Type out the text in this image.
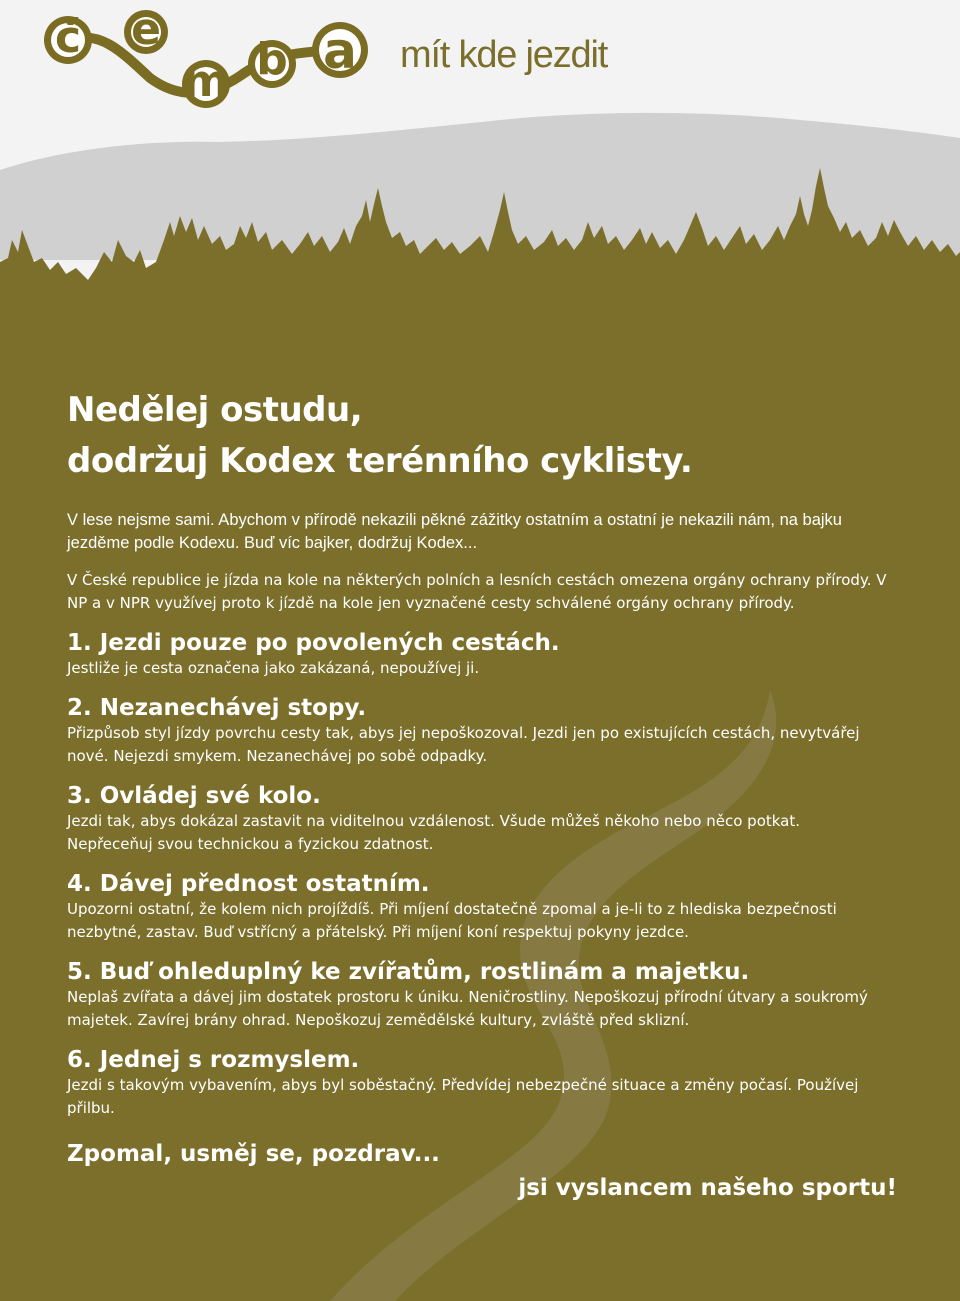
č	e
m b a	mít kde jezdit
Nedělej ostudu,
dodržuj Kodex terénního cyklisty.

V lese nejsme sami. Abychom v přírodě nekazili pěkné zážitky ostatním a ostatní je nekazili nám, na bajku jezděme podle Kodexu. Buď víc bajker, dodržuj Kodex...

V České republice je jízda na kole na některých polních a lesních cestách omezena orgány ochrany přírody. V NP a v NPR využívej proto k jízdě na kole jen vyznačené cesty schválené orgány ochrany přírody.

1. Jezdi pouze po povolených cestách.

Jestliže je cesta označena jako zakázaná, nepoužívej ji.

2. Nezanechávej stopy.

Přizpůsob styl jízdy povrchu cesty tak, abys jej nepoškozoval. Jezdi jen po existujících cestách, nevytvářej nové. Nejezdi smykem. Nezanechávej po sobě odpadky.

3. Ovládej své kolo.

Jezdi tak, abys dokázal zastavit na viditelnou vzdálenost. Všude můžeš někoho nebo něco potkat. Nepřeceňuj svou technickou a fyzickou zdatnost.

4. Dávej přednost ostatním.

Upozorni ostatní, že kolem nich projíždíš. Při míjení dostatečně zpomal a je-li to z hlediska bezpečnosti nezbytné, zastav. Buď vstřícný a přátelský. Při míjení koní respektuj pokyny jezdce.

5. Buď ohleduplný ke zvířatům, rostlinám a majetku.

Neplaš zvířata a dávej jim dostatek prostoru k úniku. Neničrostliny. Nepoškozuj přírodní útvary a soukromý majetek. Zavírej brány ohrad. Nepoškozuj zemědělské kultury, zvláště před sklizní.

6. Jednej s rozmyslem.

Jezdi s takovým vybavením, abys byl soběstačný. Předvídej nebezpečné situace a změny počasí. Používej přilbu.

Zpomal, usměj se, pozdrav...

jsi vyslancem našeho sportu!
